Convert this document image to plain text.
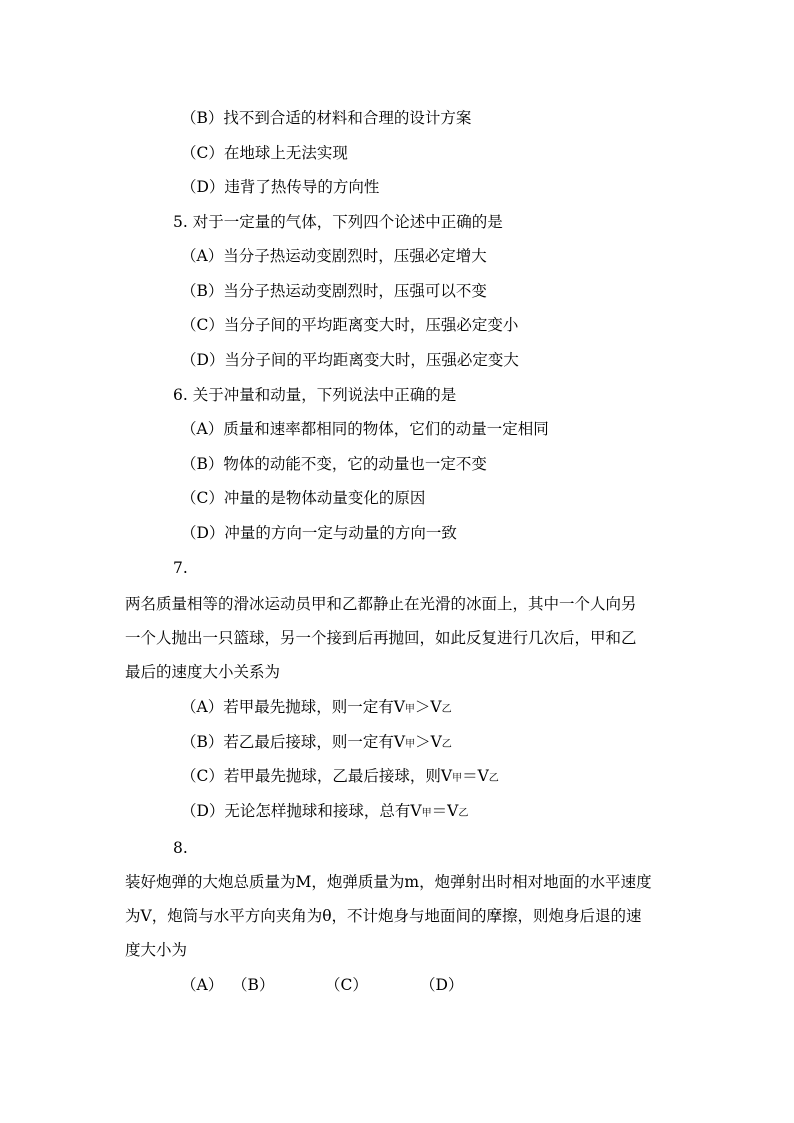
（B）找不到合适的材料和合理的设计方案
（C）在地球上无法实现
（D）违背了热传导的方向性
5. 对于一定量的气体，下列四个论述中正确的是
（A）当分子热运动变剧烈时，压强必定增大
（B）当分子热运动变剧烈时，压强可以不变
（C）当分子间的平均距离变大时，压强必定变小
（D）当分子间的平均距离变大时，压强必定变大
6. 关于冲量和动量，下列说法中正确的是
（A）质量和速率都相同的物体，它们的动量一定相同
（B）物体的动能不变，它的动量也一定不变
（C）冲量的是物体动量变化的原因
（D）冲量的方向一定与动量的方向一致
7.
两名质量相等的滑冰运动员甲和乙都静止在光滑的冰面上，其中一个人向另
一个人抛出一只篮球，另一个接到后再抛回，如此反复进行几次后，甲和乙
最后的速度大小关系为
（A）若甲最先抛球，则一定有V甲＞V乙
（B）若乙最后接球，则一定有V甲＞V乙
（C）若甲最先抛球，乙最后接球，则V甲＝V乙
（D）无论怎样抛球和接球，总有V甲＝V乙
8.
装好炮弹的大炮总质量为M，炮弹质量为m，炮弹射出时相对地面的水平速度
为V，炮筒与水平方向夹角为θ，不计炮身与地面间的摩擦，则炮身后退的速
度大小为
（A） （B）	（C）	（D）
